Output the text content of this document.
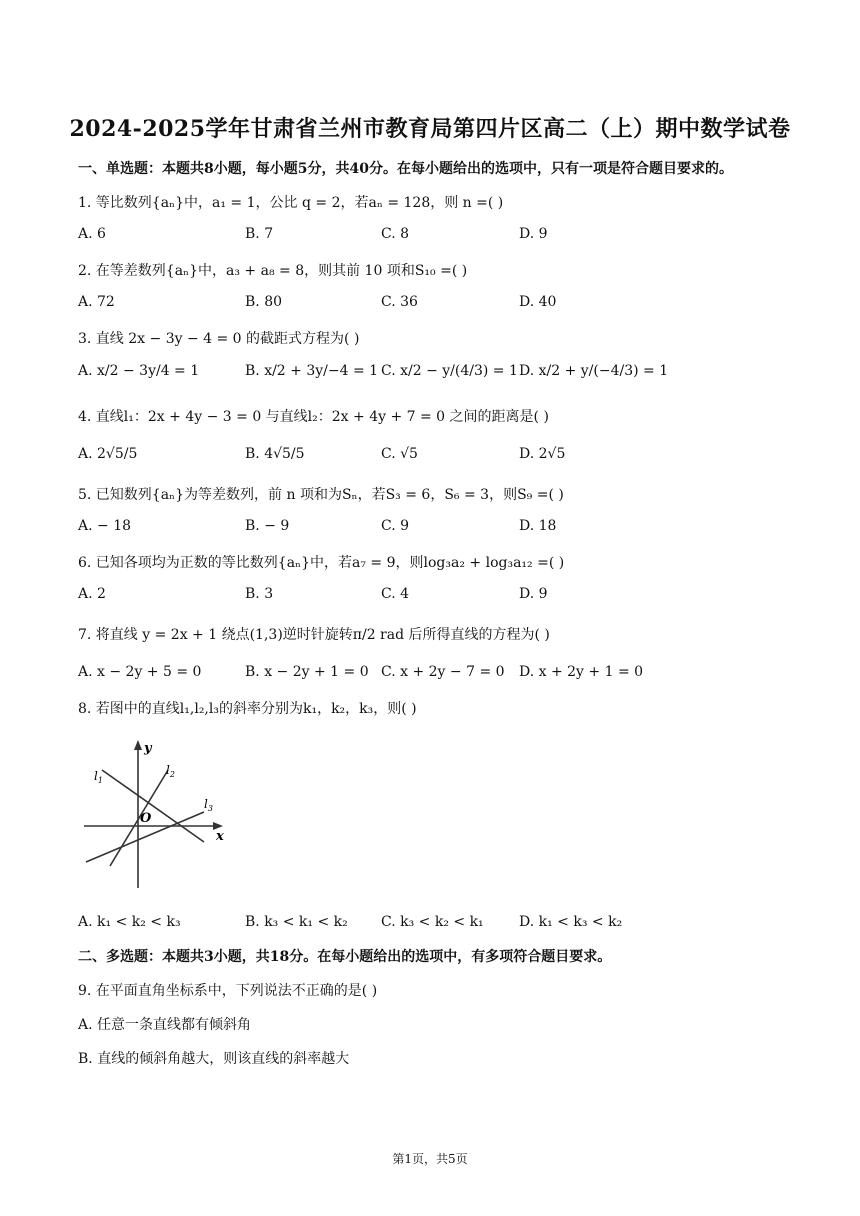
2024-2025学年甘肃省兰州市教育局第四片区高二（上）期中数学试卷
一、单选题：本题共8小题，每小题5分，共40分。在每小题给出的选项中，只有一项是符合题目要求的。
1. 等比数列{aₙ}中，a₁ = 1，公比 q = 2，若aₙ = 128，则 n =( )
A. 6	B. 7	C. 8	D. 9
2. 在等差数列{aₙ}中，a₃ + a₈ = 8，则其前 10 项和S₁₀ =( )
A. 72	B. 80	C. 36	D. 40
3. 直线 2x − 3y − 4 = 0 的截距式方程为( )
A. x/2 − 3y/4 = 1	B. x/2 + 3y/−4 = 1 C. x/2 − y/(4/3) = 1 D. x/2 + y/(−4/3) = 1
4. 直线l₁：2x + 4y − 3 = 0 与直线l₂：2x + 4y + 7 = 0 之间的距离是( )
A. 2√5/5	B. 4√5/5	C. √5	D. 2√5
5. 已知数列{aₙ}为等差数列，前 n 项和为Sₙ，若S₃ = 6，S₆ = 3，则S₉ =( )
A. − 18	B. − 9	C. 9	D. 18
6. 已知各项均为正数的等比数列{aₙ}中，若a₇ = 9，则log₃a₂ + log₃a₁₂ =( )
A. 2	B. 3	C. 4	D. 9
7. 将直线 y = 2x + 1 绕点(1,3)逆时针旋转π/2 rad 后所得直线的方程为( )
A. x − 2y + 5 = 0	B. x − 2y + 1 = 0 C. x + 2y − 7 = 0 D. x + 2y + 1 = 0
8. 若图中的直线l₁,l₂,l₃的斜率分别为k₁，k₂，k₃，则( )
y
x
O
$l_1$
$l_2$
$l_3$
A. k₁ < k₂ < k₃	B. k₃ < k₁ < k₂ C. k₃ < k₂ < k₁	D. k₁ < k₃ < k₂
二、多选题：本题共3小题，共18分。在每小题给出的选项中，有多项符合题目要求。
9. 在平面直角坐标系中，下列说法不正确的是( )
A. 任意一条直线都有倾斜角
B. 直线的倾斜角越大，则该直线的斜率越大
第1页，共5页
